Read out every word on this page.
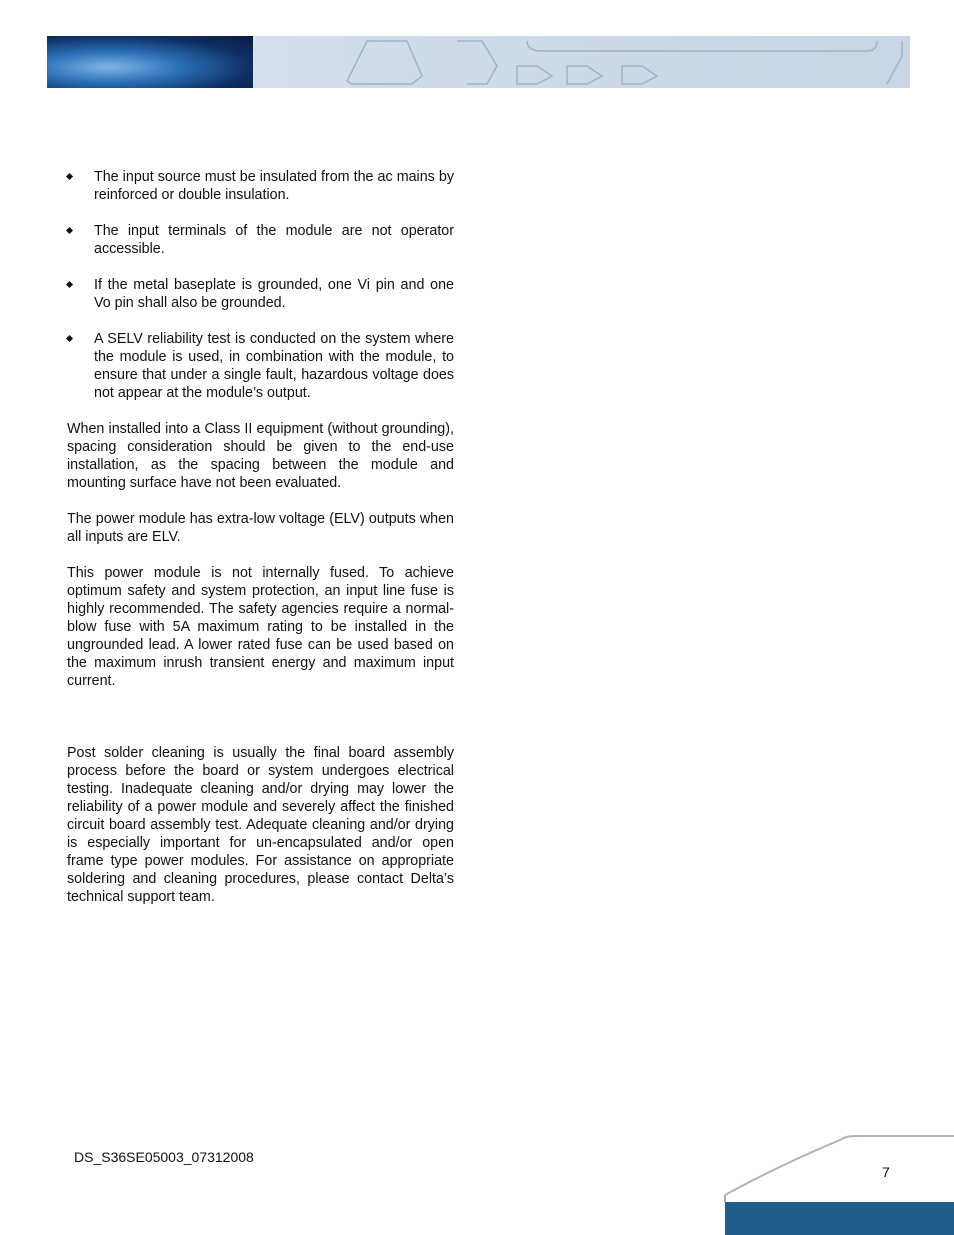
The input source must be insulated from the ac mains by reinforced or double insulation.
The input terminals of the module are not operator accessible.
If the metal baseplate is grounded, one Vi pin and one Vo pin shall also be grounded.
A SELV reliability test is conducted on the system where the module is used, in combination with the module, to ensure that under a single fault, hazardous voltage does not appear at the module’s output.

When installed into a Class II equipment (without grounding), spacing consideration should be given to the end-use installation, as the spacing between the module and mounting surface have not been evaluated.

The power module has extra-low voltage (ELV) outputs when all inputs are ELV.

This power module is not internally fused. To achieve optimum safety and system protection, an input line fuse is highly recommended. The safety agencies require a normal-blow fuse with 5A maximum rating to be installed in the ungrounded lead. A lower rated fuse can be used based on the maximum inrush transient energy and maximum input current.

Post solder cleaning is usually the final board assembly process before the board or system undergoes electrical testing. Inadequate cleaning and/or drying may lower the reliability of a power module and severely affect the finished circuit board assembly test. Adequate cleaning and/or drying is especially important for un-encapsulated and/or open frame type power modules. For assistance on appropriate soldering and cleaning procedures, please contact Delta’s technical support team.

DS_S36SE05003_07312008
7
